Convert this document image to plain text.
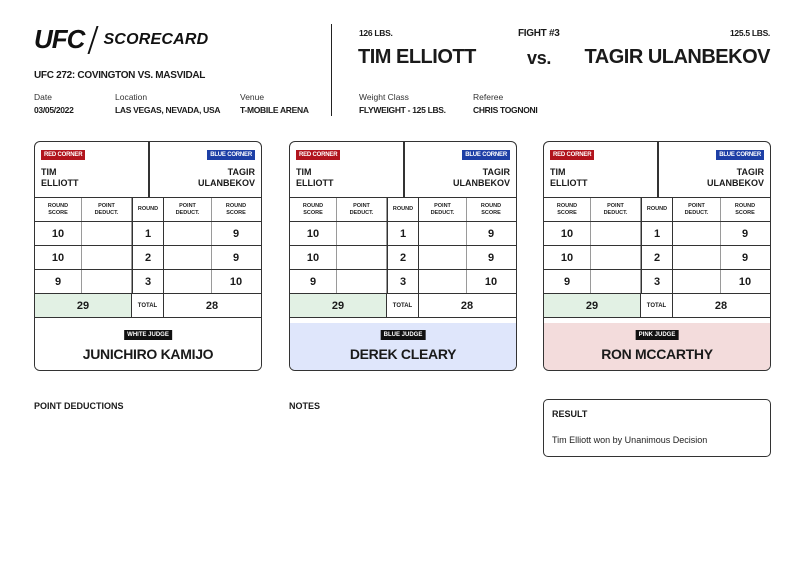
UFC SCORECARD
UFC 272: COVINGTON VS. MASVIDAL
Date
03/05/2022
Location
LAS VEGAS, NEVADA, USA
Venue
T-MOBILE ARENA
126 LBS.	FIGHT #3	125.5 LBS.
TIM ELLIOTT	vs. TAGIR ULANBEKOV
Weight Class
FLYWEIGHT - 125 LBS.
Referee
CHRIS TOGNONI
RED CORNER
TIM
ELLIOTT
BLUE CORNER
TAGIR
ULANBEKOV
ROUND
SCORE
POINT
DEDUCT.
ROUND
POINT
DEDUCT.
ROUND
SCORE
10	1	9
10	2	9
9	3	10
29	TOTAL	28
WHITE JUDGE
JUNICHIRO KAMIJO
RED CORNER
TIM
ELLIOTT
BLUE CORNER
TAGIR
ULANBEKOV
ROUND
SCORE
POINT
DEDUCT.
ROUND
POINT
DEDUCT.
ROUND
SCORE
10	1	9
10	2	9
9	3	10
29	TOTAL	28
BLUE JUDGE
DEREK CLEARY
RED CORNER
TIM
ELLIOTT
BLUE CORNER
TAGIR
ULANBEKOV
ROUND
SCORE
POINT
DEDUCT.
ROUND
POINT
DEDUCT.
ROUND
SCORE
10	1	9
10	2	9
9	3	10
29	TOTAL	28
PINK JUDGE
RON MCCARTHY
POINT DEDUCTIONS	NOTES
RESULT
Tim Elliott won by Unanimous Decision
